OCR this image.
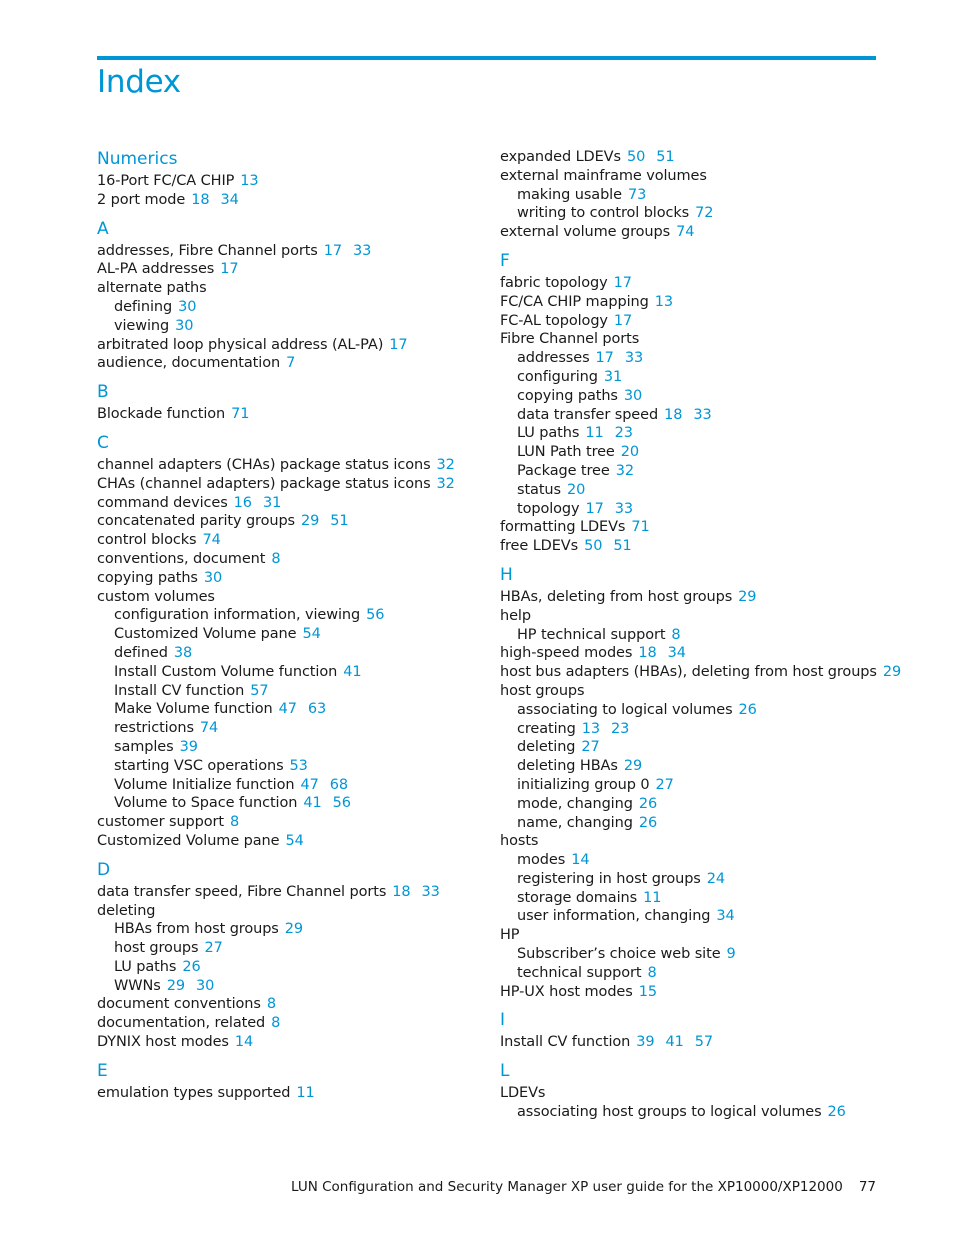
Index
Numerics
16-Port FC/CA CHIP 13
2 port mode 18 34
A
addresses, Fibre Channel ports 17 33
AL-PA addresses 17
alternate paths
defining 30
viewing 30
arbitrated loop physical address (AL-PA) 17
audience, documentation 7
B
Blockade function 71
C
channel adapters (CHAs) package status icons 32
CHAs (channel adapters) package status icons 32
command devices 16 31
concatenated parity groups 29 51
control blocks 74
conventions, document 8
copying paths 30
custom volumes
configuration information, viewing 56
Customized Volume pane 54
defined 38
Install Custom Volume function 41
Install CV function 57
Make Volume function 47 63
restrictions 74
samples 39
starting VSC operations 53
Volume Initialize function 47 68
Volume to Space function 41 56
customer support 8
Customized Volume pane 54
D
data transfer speed, Fibre Channel ports 18 33
deleting
HBAs from host groups 29
host groups 27
LU paths 26
WWNs 29 30
document conventions 8
documentation, related 8
DYNIX host modes 14
E
emulation types supported 11
expanded LDEVs 50 51
external mainframe volumes
making usable 73
writing to control blocks 72
external volume groups 74
F
fabric topology 17
FC/CA CHIP mapping 13
FC-AL topology 17
Fibre Channel ports
addresses 17 33
configuring 31
copying paths 30
data transfer speed 18 33
LU paths 11 23
LUN Path tree 20
Package tree 32
status 20
topology 17 33
formatting LDEVs 71
free LDEVs 50 51
H
HBAs, deleting from host groups 29
help
HP technical support 8
high-speed modes 18 34
host bus adapters (HBAs), deleting from host groups 29
host groups
associating to logical volumes 26
creating 13 23
deleting 27
deleting HBAs 29
initializing group 0 27
mode, changing 26
name, changing 26
hosts
modes 14
registering in host groups 24
storage domains 11
user information, changing 34
HP
Subscriber’s choice web site 9
technical support 8
HP-UX host modes 15
I
Install CV function 39 41 57
L
LDEVs
associating host groups to logical volumes 26
LUN Configuration and Security Manager XP user guide for the XP10000/XP12000 77
